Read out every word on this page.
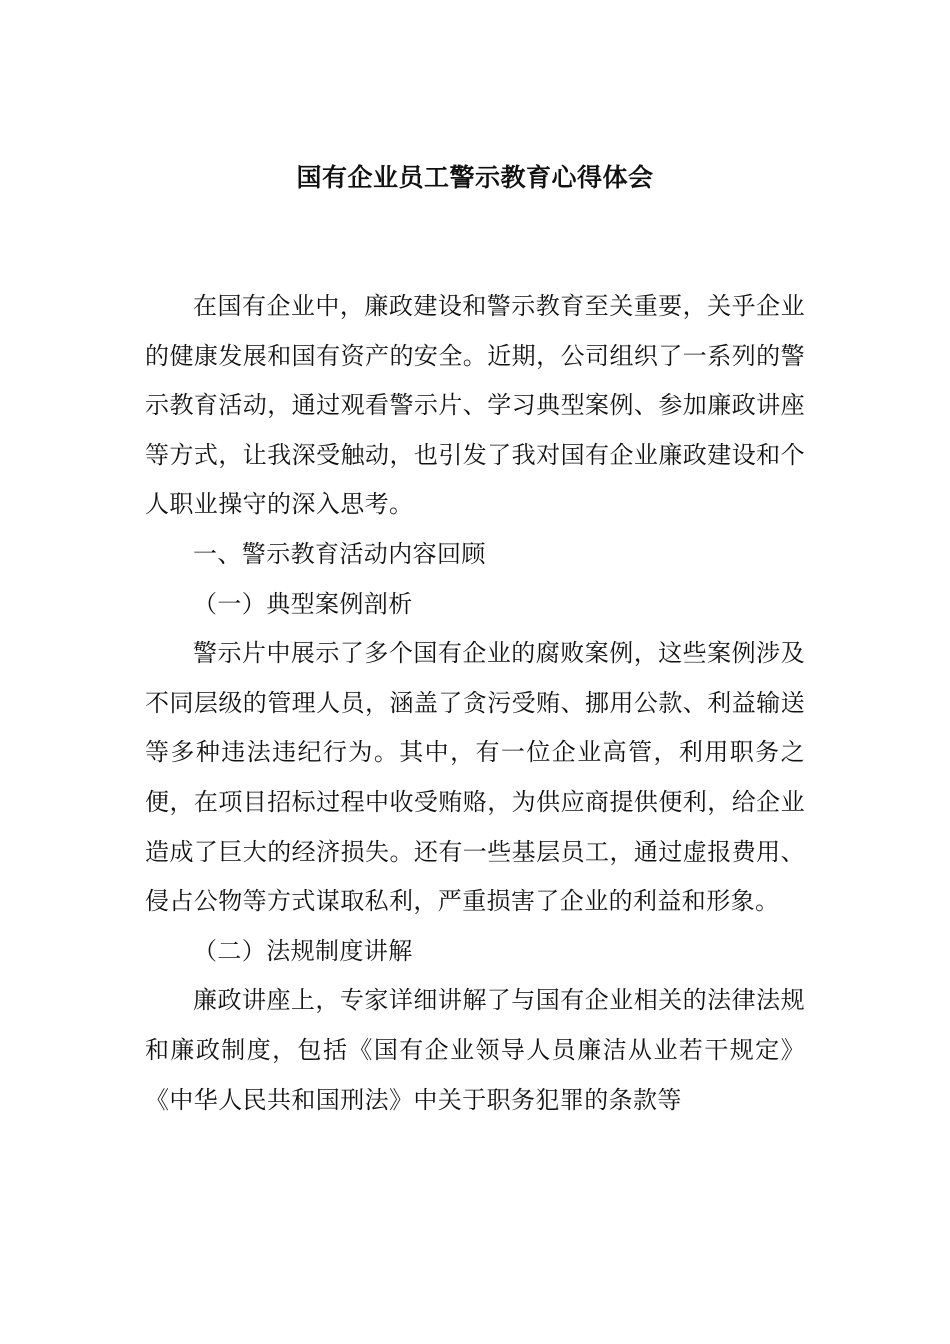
国有企业员工警示教育心得体会

在国有企业中，廉政建设和警示教育至关重要，关乎企业的健康发展和国有资产的安全。近期，公司组织了一系列的警示教育活动，通过观看警示片、学习典型案例、参加廉政讲座等方式，让我深受触动，也引发了我对国有企业廉政建设和个人职业操守的深入思考。

一、警示教育活动内容回顾

（一）典型案例剖析

警示片中展示了多个国有企业的腐败案例，这些案例涉及不同层级的管理人员，涵盖了贪污受贿、挪用公款、利益输送等多种违法违纪行为。其中，有一位企业高管，利用职务之便，在项目招标过程中收受贿赂，为供应商提供便利，给企业造成了巨大的经济损失。还有一些基层员工，通过虚报费用、侵占公物等方式谋取私利，严重损害了企业的利益和形象。

（二）法规制度讲解

廉政讲座上，专家详细讲解了与国有企业相关的法律法规和廉政制度，包括《国有企业领导人员廉洁从业若干规定》《中华人民共和国刑法》中关于职务犯罪的条款等
